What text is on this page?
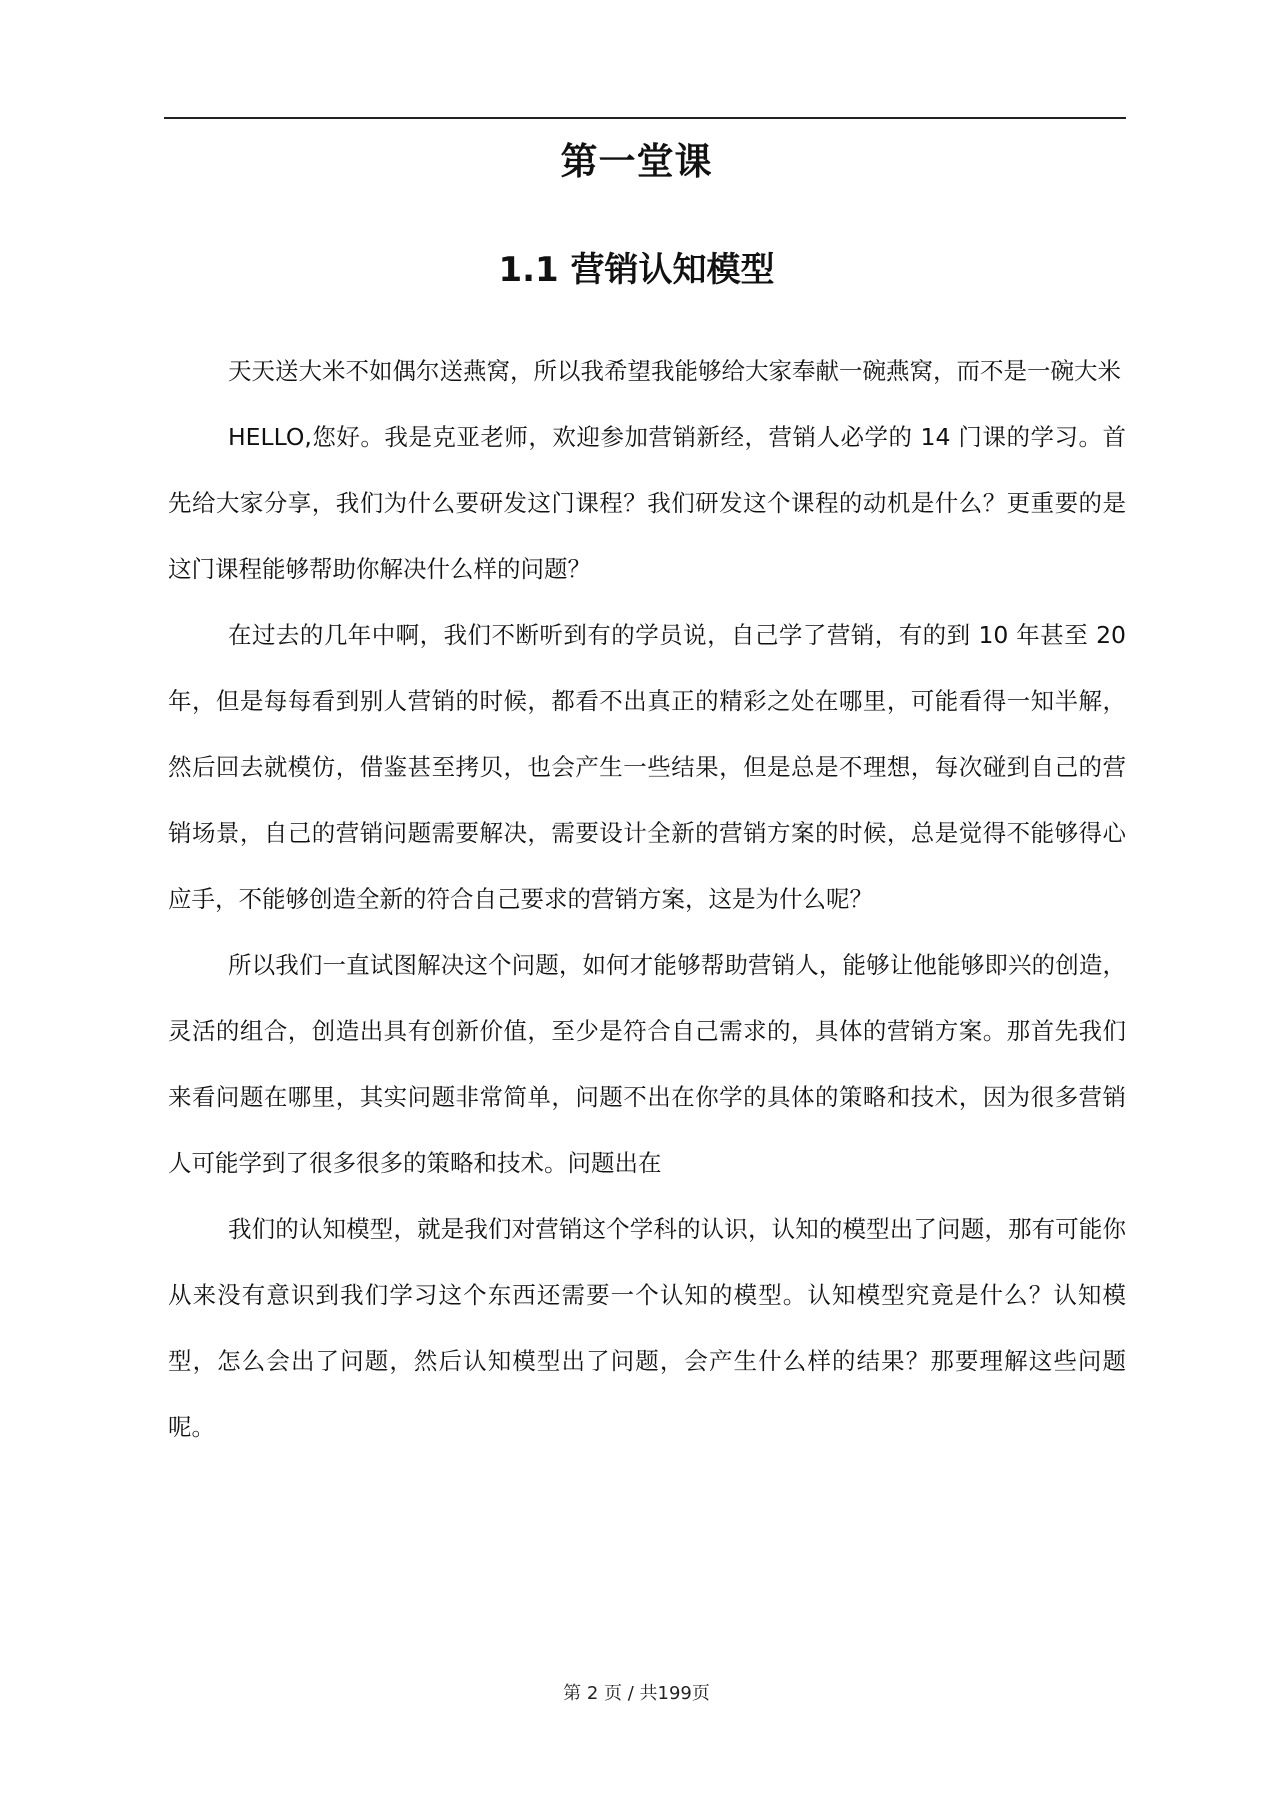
第一堂课
1.1 营销认知模型

天天送大米不如偶尔送燕窝，所以我希望我能够给大家奉献一碗燕窝，而不是一碗大米

HELLO,您好。我是克亚老师，欢迎参加营销新经，营销人必学的 14 门课的学习。首先给大家分享，我们为什么要研发这门课程？我们研发这个课程的动机是什么？更重要的是这门课程能够帮助你解决什么样的问题？

在过去的几年中啊，我们不断听到有的学员说，自己学了营销，有的到 10 年甚至 20 年，但是每每看到别人营销的时候，都看不出真正的精彩之处在哪里，可能看得一知半解，然后回去就模仿，借鉴甚至拷贝，也会产生一些结果，但是总是不理想，每次碰到自己的营销场景，自己的营销问题需要解决，需要设计全新的营销方案的时候，总是觉得不能够得心应手，不能够创造全新的符合自己要求的营销方案，这是为什么呢？

所以我们一直试图解决这个问题，如何才能够帮助营销人，能够让他能够即兴的创造，灵活的组合，创造出具有创新价值，至少是符合自己需求的，具体的营销方案。那首先我们来看问题在哪里，其实问题非常简单，问题不出在你学的具体的策略和技术，因为很多营销人可能学到了很多很多的策略和技术。问题出在

我们的认知模型，就是我们对营销这个学科的认识，认知的模型出了问题，那有可能你从来没有意识到我们学习这个东西还需要一个认知的模型。认知模型究竟是什么？认知模型，怎么会出了问题，然后认知模型出了问题，会产生什么样的结果？那要理解这些问题呢。

第 2 页 / 共199页
